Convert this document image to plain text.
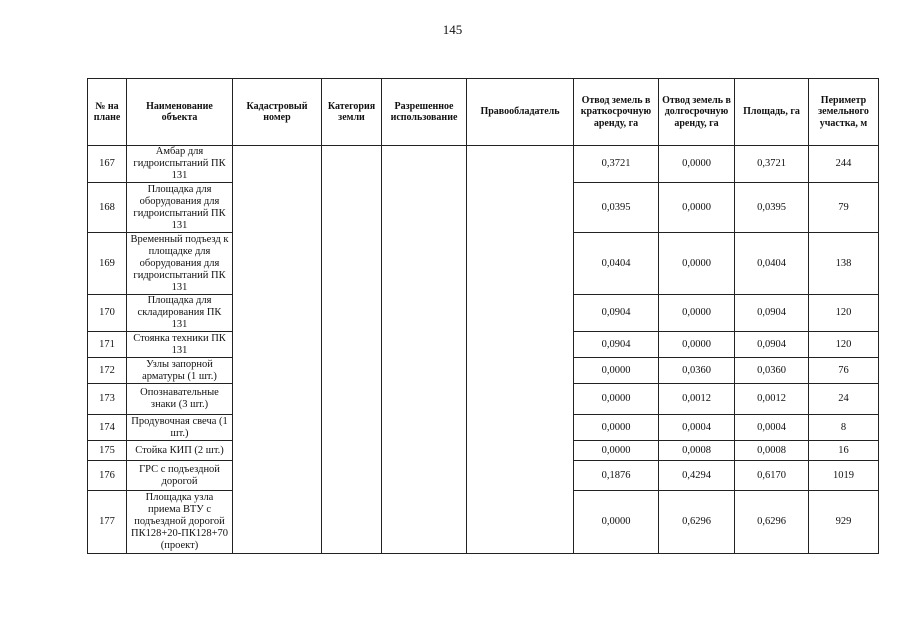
145
№ на плане	Наименование объекта	Кадастровый номер	Категория земли	Разрешенное использование	Правообладатель	Отвод земель в краткосрочную аренду, га	Отвод земель в долгосрочную аренду, га	Площадь, га	Периметр земельного участка, м
167	Амбар для гидроиспытаний ПК 131					0,3721	0,0000	0,3721	244
168	Площадка для оборудования для гидроиспытаний ПК 131					0,0395	0,0000	0,0395	79
169	Временный подъезд к площадке для оборудования для гидроиспытаний ПК 131					0,0404	0,0000	0,0404	138
170	Площадка для складирования ПК 131					0,0904	0,0000	0,0904	120
171	Стоянка техники ПК 131					0,0904	0,0000	0,0904	120
172	Узлы запорной арматуры (1 шт.)					0,0000	0,0360	0,0360	76
173	Опознавательные знаки (3 шт.)					0,0000	0,0012	0,0012	24
174	Продувочная свеча (1 шт.)					0,0000	0,0004	0,0004	8
175	Стойка КИП (2 шт.)					0,0000	0,0008	0,0008	16
176	ГРС с подъездной дорогой					0,1876	0,4294	0,6170	1019
177	Площадка узла приема ВТУ с подъездной дорогой ПК128+20-ПК128+70 (проект)					0,0000	0,6296	0,6296	929
